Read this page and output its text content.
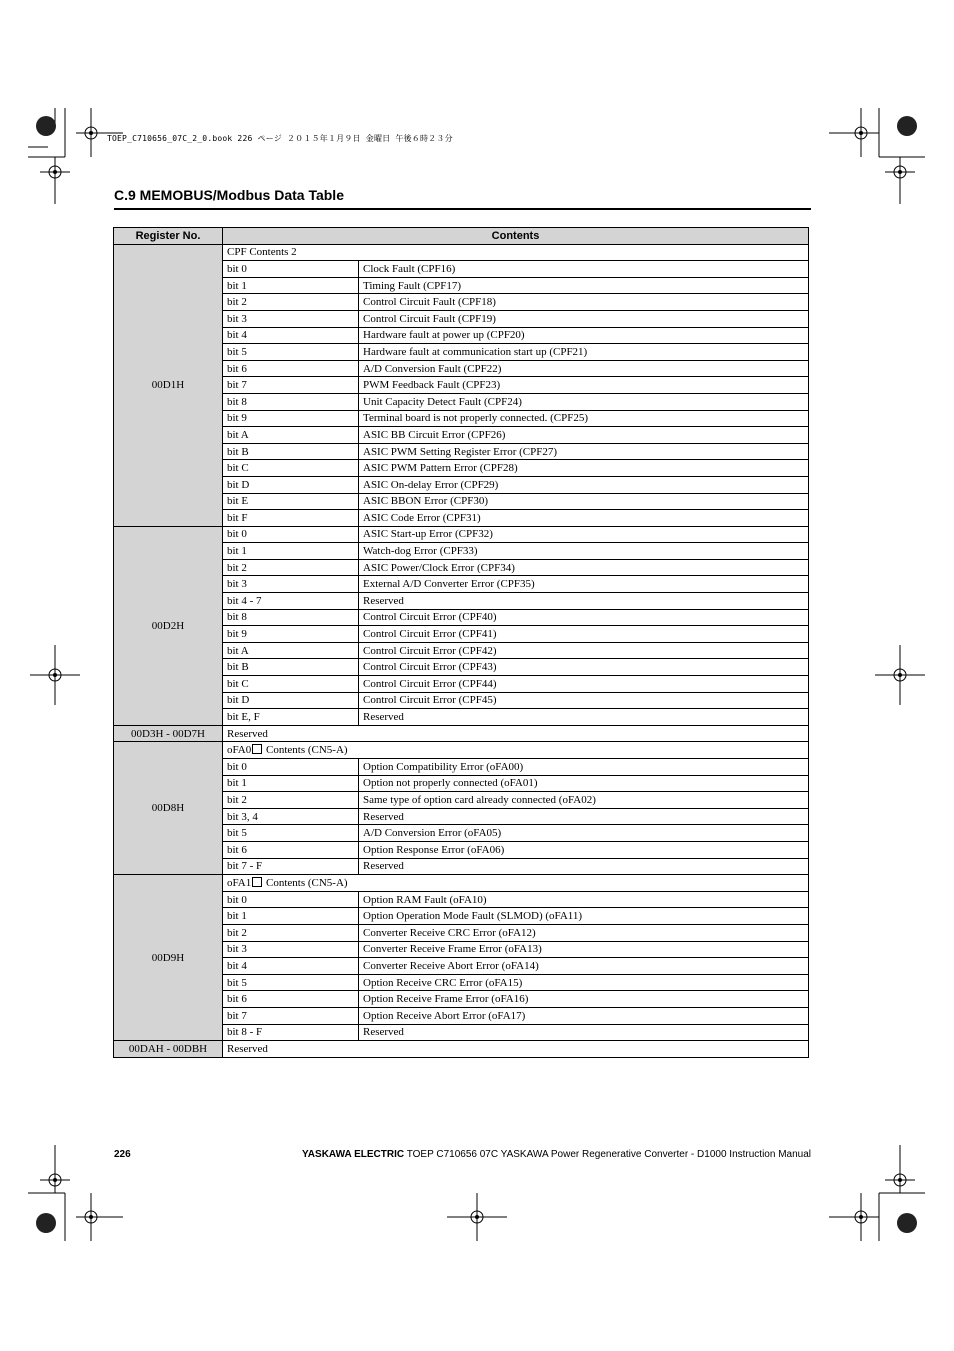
TOEP_C710656_07C_2_0.book 226 ページ ２０１５年１月９日 金曜日 午後６時２３分
C.9 MEMOBUS/Modbus Data Table
Register No.	Contents	
00D1H	CPF Contents 2	
	bit 0	Clock Fault (CPF16)
	bit 1	Timing Fault (CPF17)
	bit 2	Control Circuit Fault (CPF18)
	bit 3	Control Circuit Fault (CPF19)
	bit 4	Hardware fault at power up (CPF20)
	bit 5	Hardware fault at communication start up (CPF21)
	bit 6	A/D Conversion Fault (CPF22)
	bit 7	PWM Feedback Fault (CPF23)
	bit 8	Unit Capacity Detect Fault (CPF24)
	bit 9	Terminal board is not properly connected. (CPF25)
	bit A	ASIC BB Circuit Error (CPF26)
	bit B	ASIC PWM Setting Register Error (CPF27)
	bit C	ASIC PWM Pattern Error (CPF28)
	bit D	ASIC On-delay Error (CPF29)
	bit E	ASIC BBON Error (CPF30)
	bit F	ASIC Code Error (CPF31)
00D2H	bit 0	ASIC Start-up Error (CPF32)
	bit 1	Watch-dog Error (CPF33)
	bit 2	ASIC Power/Clock Error (CPF34)
	bit 3	External A/D Converter Error (CPF35)
	bit 4 - 7	Reserved
	bit 8	Control Circuit Error (CPF40)
	bit 9	Control Circuit Error (CPF41)
	bit A	Control Circuit Error (CPF42)
	bit B	Control Circuit Error (CPF43)
	bit C	Control Circuit Error (CPF44)
	bit D	Control Circuit Error (CPF45)
	bit E, F	Reserved
00D3H - 00D7H	Reserved	
00D8H	oFA0 Contents (CN5-A)	
	bit 0	Option Compatibility Error (oFA00)
	bit 1	Option not properly connected (oFA01)
	bit 2	Same type of option card already connected (oFA02)
	bit 3, 4	Reserved
	bit 5	A/D Conversion Error (oFA05)
	bit 6	Option Response Error (oFA06)
	bit 7 - F	Reserved
00D9H	oFA1 Contents (CN5-A)	
	bit 0	Option RAM Fault (oFA10)
	bit 1	Option Operation Mode Fault (SLMOD) (oFA11)
	bit 2	Converter Receive CRC Error (oFA12)
	bit 3	Converter Receive Frame Error (oFA13)
	bit 4	Converter Receive Abort Error (oFA14)
	bit 5	Option Receive CRC Error (oFA15)
	bit 6	Option Receive Frame Error (oFA16)
	bit 7	Option Receive Abort Error (oFA17)
	bit 8 - F	Reserved
00DAH - 00DBH	Reserved	
226	YASKAWA ELECTRIC TOEP C710656 07C YASKAWA Power Regenerative Converter - D1000 Instruction Manual
